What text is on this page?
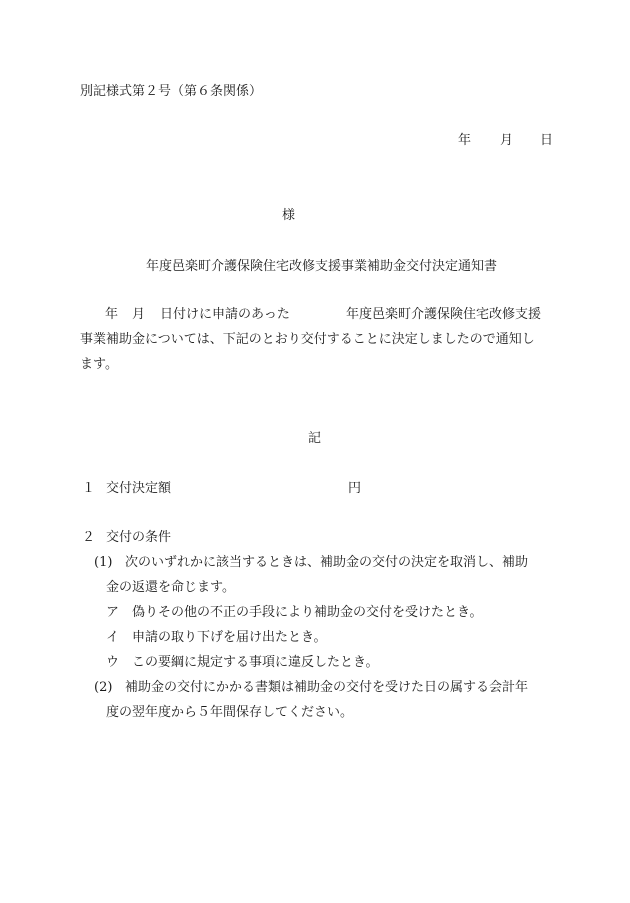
別記様式第２号（第６条関係）
年 月 日
様
年度邑楽町介護保険住宅改修支援事業補助金交付決定通知書
年 月 日付けに申請のあった	年度邑楽町介護保険住宅改修支援
事業補助金については、下記のとおり交付することに決定しましたので通知し
ます。
記
１ 交付決定額	円
２ 交付の条件
(1) 次のいずれかに該当するときは、補助金の交付の決定を取消し、補助
金の返還を命じます。
ア 偽りその他の不正の手段により補助金の交付を受けたとき。
イ 申請の取り下げを届け出たとき。
ウ この要綱に規定する事項に違反したとき。
(2) 補助金の交付にかかる書類は補助金の交付を受けた日の属する会計年
度の翌年度から５年間保存してください。
